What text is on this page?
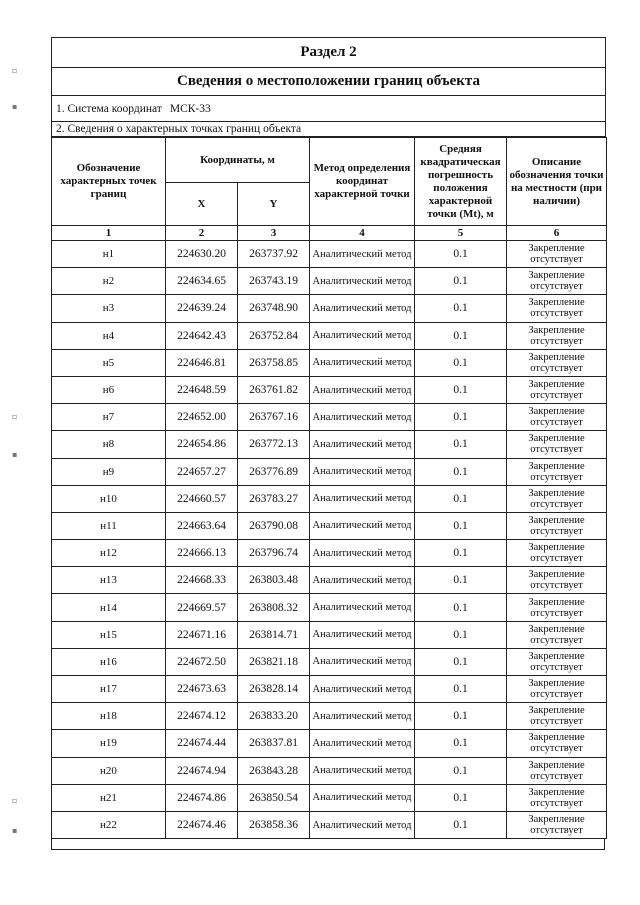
Раздел 2
Сведения о местоположении границ объекта
1. Система координат МСК-33
2. Сведения о характерных точках границ объекта
Обозначение характерных точек границ	Координаты, м		Метод определения координат характерной точки	Средняя квадратическая погрешность положения характерной точки (Mt), м	Описание обозначения точки на местности (при наличии)
	X	Y			
1	2	3	4	5	6
н1	224630.20	263737.92	Аналитический метод	0.1	Закрепление отсутствует
н2	224634.65	263743.19	Аналитический метод	0.1	Закрепление отсутствует
н3	224639.24	263748.90	Аналитический метод	0.1	Закрепление отсутствует
н4	224642.43	263752.84	Аналитический метод	0.1	Закрепление отсутствует
н5	224646.81	263758.85	Аналитический метод	0.1	Закрепление отсутствует
н6	224648.59	263761.82	Аналитический метод	0.1	Закрепление отсутствует
н7	224652.00	263767.16	Аналитический метод	0.1	Закрепление отсутствует
н8	224654.86	263772.13	Аналитический метод	0.1	Закрепление отсутствует
н9	224657.27	263776.89	Аналитический метод	0.1	Закрепление отсутствует
н10	224660.57	263783.27	Аналитический метод	0.1	Закрепление отсутствует
н11	224663.64	263790.08	Аналитический метод	0.1	Закрепление отсутствует
н12	224666.13	263796.74	Аналитический метод	0.1	Закрепление отсутствует
н13	224668.33	263803.48	Аналитический метод	0.1	Закрепление отсутствует
н14	224669.57	263808.32	Аналитический метод	0.1	Закрепление отсутствует
н15	224671.16	263814.71	Аналитический метод	0.1	Закрепление отсутствует
н16	224672.50	263821.18	Аналитический метод	0.1	Закрепление отсутствует
н17	224673.63	263828.14	Аналитический метод	0.1	Закрепление отсутствует
н18	224674.12	263833.20	Аналитический метод	0.1	Закрепление отсутствует
н19	224674.44	263837.81	Аналитический метод	0.1	Закрепление отсутствует
н20	224674.94	263843.28	Аналитический метод	0.1	Закрепление отсутствует
н21	224674.86	263850.54	Аналитический метод	0.1	Закрепление отсутствует
н22	224674.46	263858.36	Аналитический метод	0.1	Закрепление отсутствует
▫
▪
▫
▪
▫
▪
